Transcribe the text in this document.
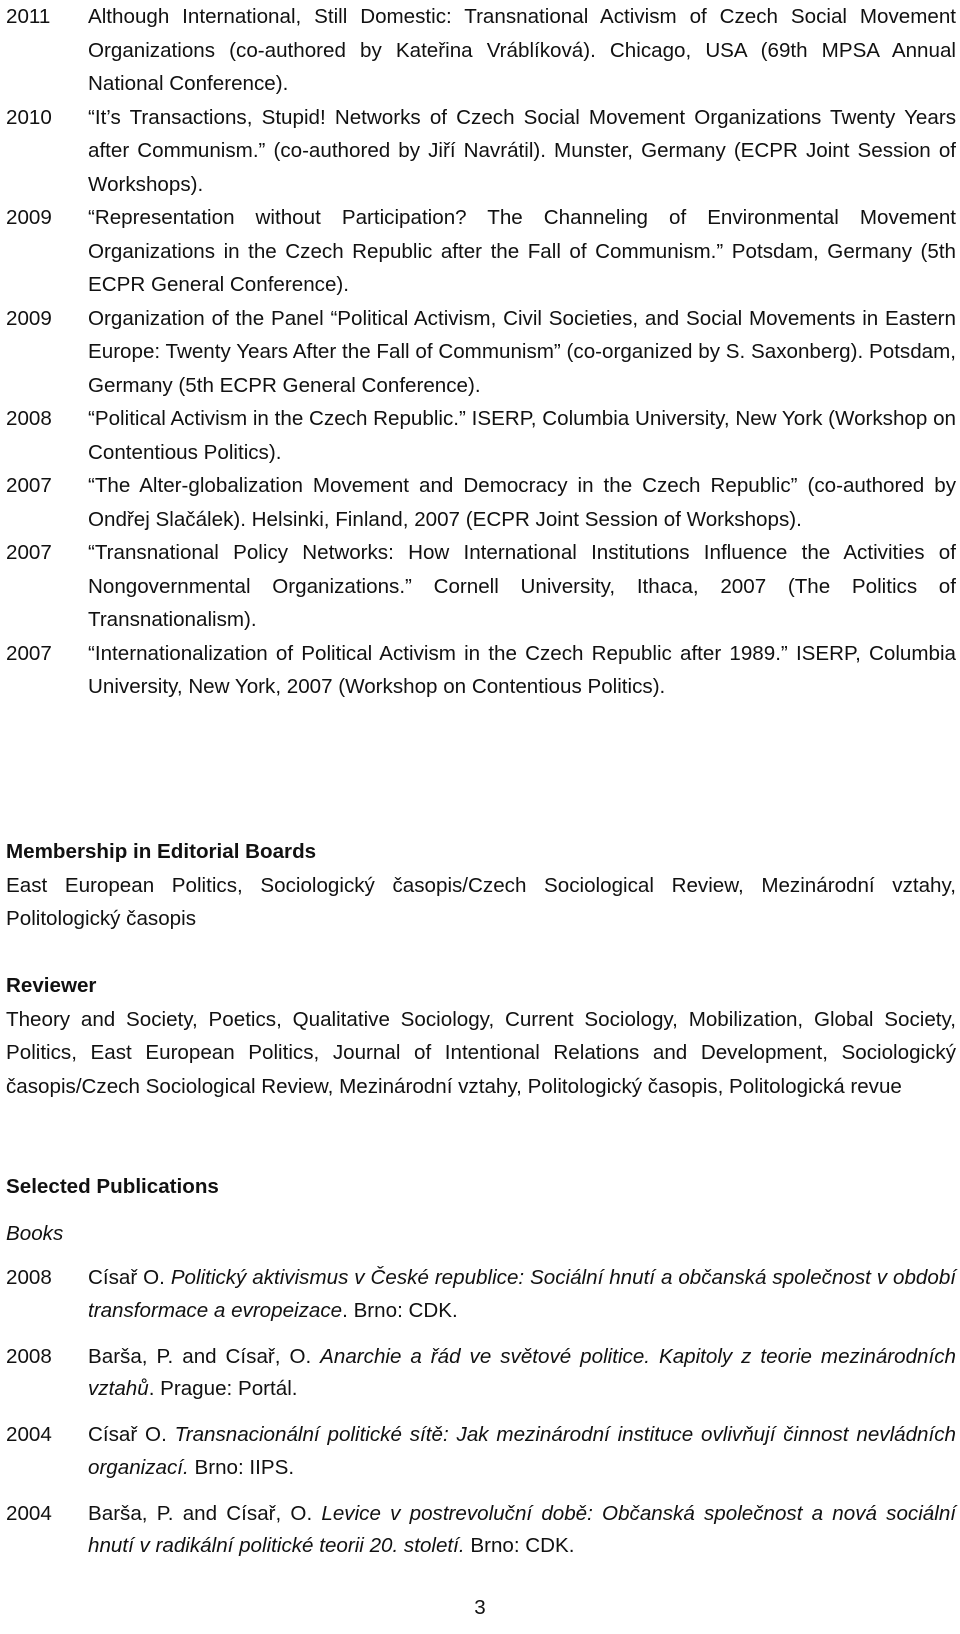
2011	Although International, Still Domestic: Transnational Activism of Czech Social Movement Organizations (co-authored by Kateřina Vráblíková). Chicago, USA (69th MPSA Annual National Conference).
2010	“It’s Transactions, Stupid! Networks of Czech Social Movement Organizations Twenty Years after Communism.” (co-authored by Jiří Navrátil). Munster, Germany (ECPR Joint Session of Workshops).
2009	“Representation without Participation? The Channeling of Environmental Movement Organizations in the Czech Republic after the Fall of Communism.” Potsdam, Germany (5th ECPR General Conference).
2009	Organization of the Panel “Political Activism, Civil Societies, and Social Movements in Eastern Europe: Twenty Years After the Fall of Communism” (co-organized by S. Saxonberg). Potsdam, Germany (5th ECPR General Conference).
2008	“Political Activism in the Czech Republic.” ISERP, Columbia University, New York (Workshop on Contentious Politics).
2007	“The Alter-globalization Movement and Democracy in the Czech Republic” (co-authored by Ondřej Slačálek). Helsinki, Finland, 2007 (ECPR Joint Session of Workshops).
2007	“Transnational Policy Networks: How International Institutions Influence the Activities of Nongovernmental Organizations.” Cornell University, Ithaca, 2007 (The Politics of Transnationalism).
2007	“Internationalization of Political Activism in the Czech Republic after 1989.” ISERP, Columbia University, New York, 2007 (Workshop on Contentious Politics).
Membership in Editorial Boards
East European Politics, Sociologický časopis/Czech Sociological Review, Mezinárodní vztahy, Politologický časopis
Reviewer
Theory and Society, Poetics, Qualitative Sociology, Current Sociology, Mobilization, Global Society, Politics, East European Politics, Journal of Intentional Relations and Development, Sociologický časopis/Czech Sociological Review, Mezinárodní vztahy, Politologický časopis, Politologická revue
Selected Publications
Books
2008	Císař O. Politický aktivismus v České republice: Sociální hnutí a občanská společnost v období transformace a evropeizace. Brno: CDK.
2008	Barša, P. and Císař, O. Anarchie a řád ve světové politice. Kapitoly z teorie mezinárodních vztahů. Prague: Portál.
2004	Císař O. Transnacionální politické sítě: Jak mezinárodní instituce ovlivňují činnost nevládních organizací. Brno: IIPS.
2004	Barša, P. and Císař, O. Levice v postrevoluční době: Občanská společnost a nová sociální hnutí v radikální politické teorii 20. století. Brno: CDK.
3
